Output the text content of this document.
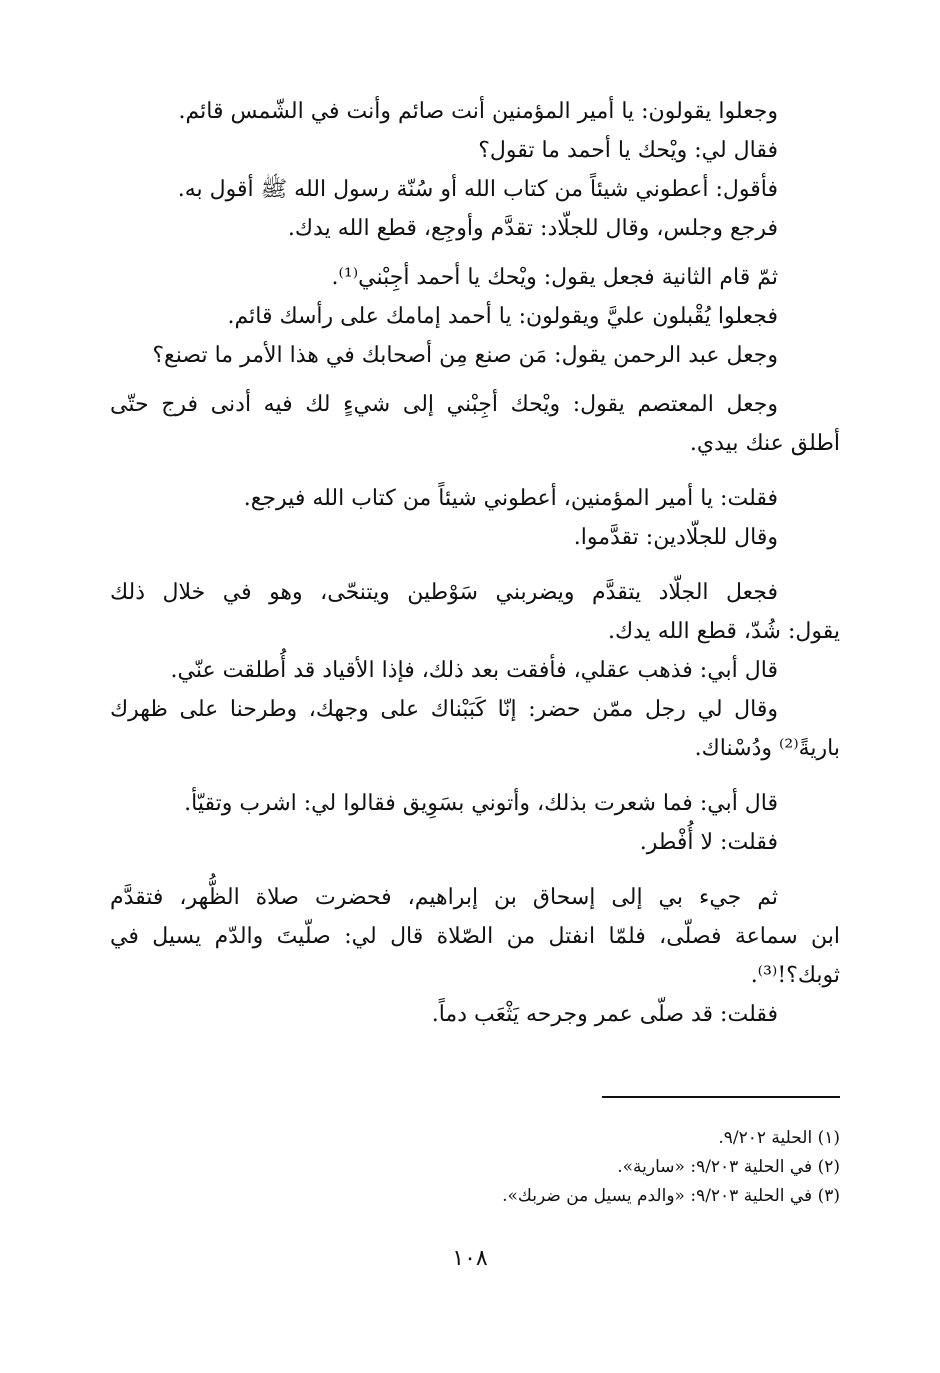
وجعلوا يقولون: يا أمير المؤمنين أنت صائم وأنت في الشّمس قائم.
فقال لي: ويْحك يا أحمد ما تقول؟
فأقول: أعطوني شيئاً من كتاب الله أو سُنّة رسول الله ﷺ أقول به.
فرجع وجلس، وقال للجلّاد: تقدَّم وأوجِع، قطع الله يدك.
ثمّ قام الثانية فجعل يقول: ويْحك يا أحمد أجِبْني⁽¹⁾.
فجعلوا يُقْبلون عليَّ ويقولون: يا أحمد إمامك على رأسك قائم.
وجعل عبد الرحمن يقول: مَن صنع مِن أصحابك في هذا الأمر ما تصنع؟
وجعل المعتصم يقول: ويْحك أجِبْني إلى شيءٍ لك فيه أدنى فرج حتّى
أطلق عنك بيدي.
فقلت: يا أمير المؤمنين، أعطوني شيئاً من كتاب الله فيرجع.
وقال للجلّادين: تقدَّموا.
فجعل الجلّاد يتقدَّم ويضربني سَوْطين ويتنحّى، وهو في خلال ذلك
يقول: شُدّ، قطع الله يدك.
قال أبي: فذهب عقلي، فأفقت بعد ذلك، فإذا الأقياد قد أُطلقت عنّي.
وقال لي رجل ممّن حضر: إنّا كَبَبْناك على وجهك، وطرحنا على ظهرك
باريةً⁽²⁾ ودُسْناك.
قال أبي: فما شعرت بذلك، وأتوني بسَوِيق فقالوا لي: اشرب وتقيّأ.
فقلت: لا أُفْطر.
ثم جيء بي إلى إسحاق بن إبراهيم، فحضرت صلاة الظُّهر، فتقدَّم
ابن سماعة فصلّى، فلمّا انفتل من الصّلاة قال لي: صلّيتَ والدّم يسيل في
ثوبك؟!⁽³⁾.
فقلت: قد صلّى عمر وجرحه يَثْعَب دماً.
(١) الحلية ٩/٢٠٢.
(٢) في الحلية ٩/٢٠٣: «سارية».
(٣) في الحلية ٩/٢٠٣: «والدم يسيل من ضربك».
١٠٨
